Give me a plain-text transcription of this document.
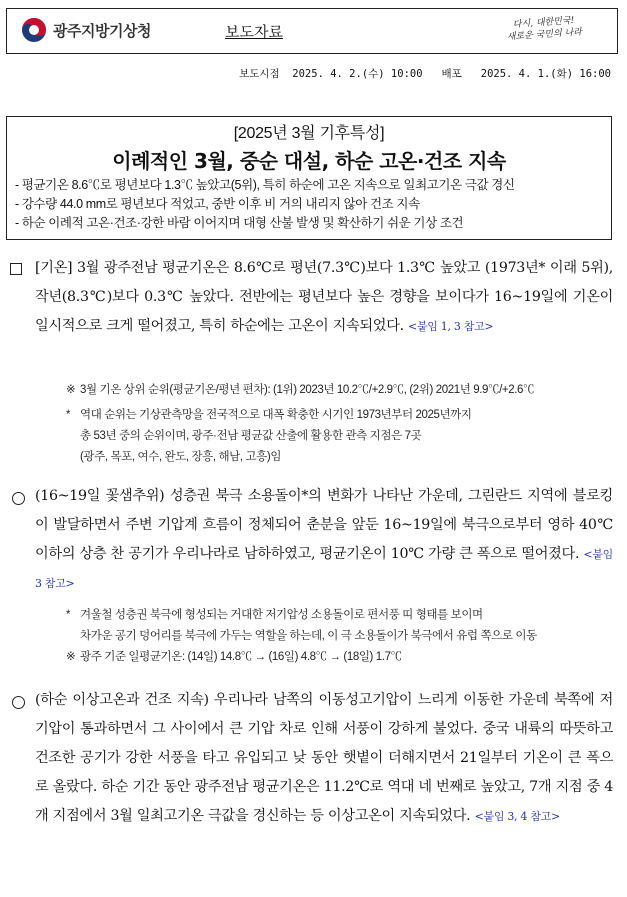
광주지방기상청	보도자료	다시, 대한민국!
새로운 국민의 나라
보도시점  2025. 4. 2.(수) 10:00   배포   2025. 4. 1.(화) 16:00
[2025년 3월 기후특성]
이례적인 3월, 중순 대설, 하순 고온·건조 지속
- 평균기온 8.6℃로 평년보다 1.3℃ 높았고(5위), 특히 하순에 고온 지속으로 일최고기온 극값 경신
- 강수량 44.0 mm로 평년보다 적었고, 중반 이후 비 거의 내리지 않아 건조 지속
- 하순 이례적 고온·건조·강한 바람 이어지며 대형 산불 발생 및 확산하기 쉬운 기상 조건
[기온] 3월 광주전남 평균기온은 8.6℃로 평년(7.3℃)보다 1.3℃ 높았고 (1973년* 이래 5위), 작년(8.3℃)보다 0.3℃ 높았다. 전반에는 평년보다 높은 경향을 보이다가 16~19일에 기온이 일시적으로 크게 떨어졌고, 특히 하순에는 고온이 지속되었다. <붙임 1, 3 참고>
※ 3월 기온 상위 순위(평균기온/평년 편차): (1위) 2023년 10.2℃/+2.9℃, (2위) 2021년 9.9℃/+2.6℃
* 역대 순위는 기상관측망을 전국적으로 대폭 확충한 시기인 1973년부터 2025년까지
총 53년 중의 순위이며, 광주·전남 평균값 산출에 활용한 관측 지점은 7곳
(광주, 목포, 여수, 완도, 장흥, 해남, 고흥)임
(16~19일 꽃샘추위) 성층권 북극 소용돌이*의 변화가 나타난 가운데, 그린란드 지역에 블로킹이 발달하면서 주변 기압계 흐름이 정체되어 춘분을 앞둔 16~19일에 북극으로부터 영하 40℃ 이하의 상층 찬 공기가 우리나라로 남하하였고, 평균기온이 10℃ 가량 큰 폭으로 떨어졌다. <붙임 3 참고>
* 겨울철 성층권 북극에 형성되는 거대한 저기압성 소용돌이로 편서풍 띠 형태를 보이며
차가운 공기 덩어리를 북극에 가두는 역할을 하는데, 이 극 소용돌이가 북극에서 유럽 쪽으로 이동
※ 광주 기준 일평균기온: (14일) 14.8℃ → (16일) 4.8℃ → (18일) 1.7℃
(하순 이상고온과 건조 지속) 우리나라 남쪽의 이동성고기압이 느리게 이동한 가운데 북쪽에 저기압이 통과하면서 그 사이에서 큰 기압 차로 인해 서풍이 강하게 불었다. 중국 내륙의 따뜻하고 건조한 공기가 강한 서풍을 타고 유입되고 낮 동안 햇볕이 더해지면서 21일부터 기온이 큰 폭으로 올랐다. 하순 기간 동안 광주전남 평균기온은 11.2℃로 역대 네 번째로 높았고, 7개 지점 중 4개 지점에서 3월 일최고기온 극값을 경신하는 등 이상고온이 지속되었다. <붙임 3, 4 참고>
